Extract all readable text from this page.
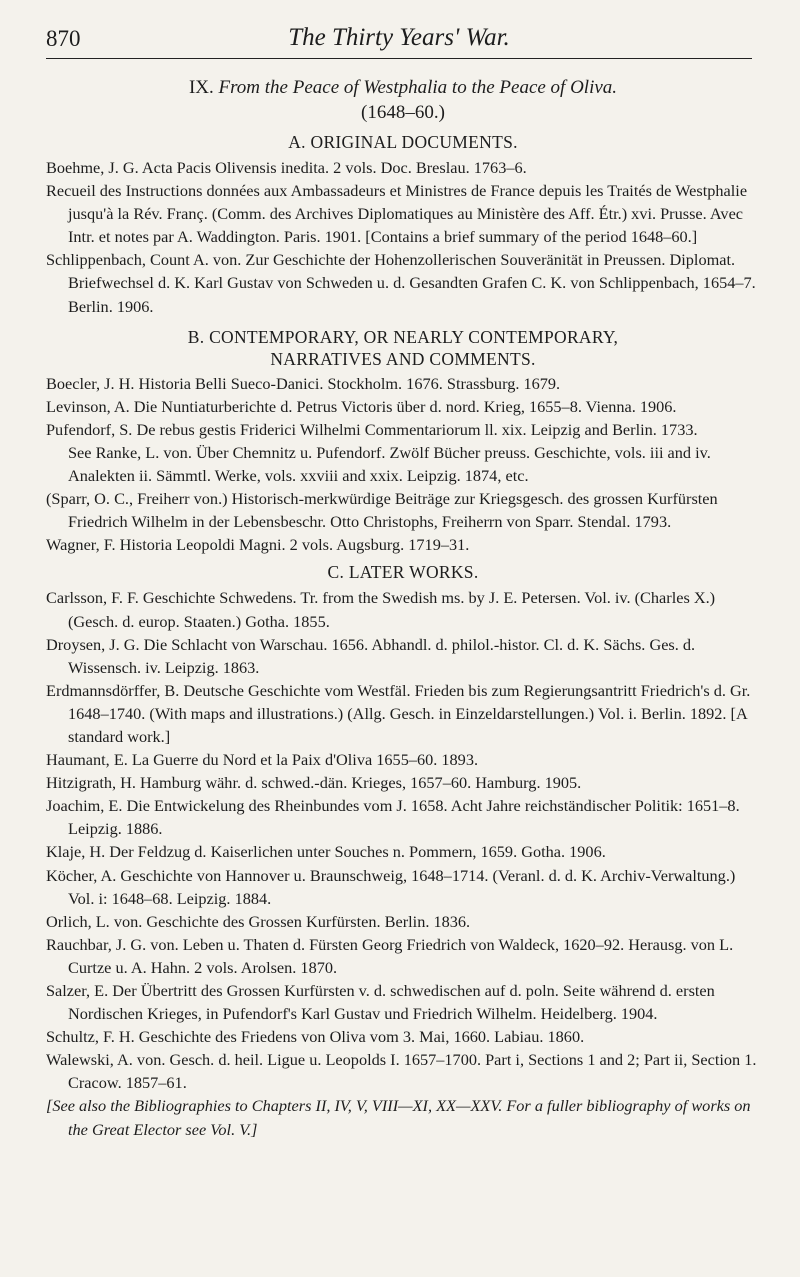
870	The Thirty Years' War.
IX. From the Peace of Westphalia to the Peace of Oliva.
(1648–60.)
A. ORIGINAL DOCUMENTS.
Boehme, J. G. Acta Pacis Olivensis inedita. 2 vols. Doc. Breslau. 1763–6.
Recueil des Instructions données aux Ambassadeurs et Ministres de France depuis les Traités de Westphalie jusqu'à la Rév. Franç. (Comm. des Archives Diplomatiques au Ministère des Aff. Étr.) xvi. Prusse. Avec Intr. et notes par A. Waddington. Paris. 1901. [Contains a brief summary of the period 1648–60.]
Schlippenbach, Count A. von. Zur Geschichte der Hohenzollerischen Souveränität in Preussen. Diplomat. Briefwechsel d. K. Karl Gustav von Schweden u. d. Gesandten Grafen C. K. von Schlippenbach, 1654–7. Berlin. 1906.
B. CONTEMPORARY, OR NEARLY CONTEMPORARY,
NARRATIVES AND COMMENTS.
Boecler, J. H. Historia Belli Sueco-Danici. Stockholm. 1676. Strassburg. 1679.
Levinson, A. Die Nuntiaturberichte d. Petrus Victoris über d. nord. Krieg, 1655–8. Vienna. 1906.
Pufendorf, S. De rebus gestis Friderici Wilhelmi Commentariorum ll. xix. Leipzig and Berlin. 1733.
See Ranke, L. von. Über Chemnitz u. Pufendorf. Zwölf Bücher preuss. Geschichte, vols. iii and iv. Analekten ii. Sämmtl. Werke, vols. xxviii and xxix. Leipzig. 1874, etc.
(Sparr, O. C., Freiherr von.) Historisch-merkwürdige Beiträge zur Kriegsgesch. des grossen Kurfürsten Friedrich Wilhelm in der Lebensbeschr. Otto Christophs, Freiherrn von Sparr. Stendal. 1793.
Wagner, F. Historia Leopoldi Magni. 2 vols. Augsburg. 1719–31.
C. LATER WORKS.
Carlsson, F. F. Geschichte Schwedens. Tr. from the Swedish ms. by J. E. Petersen. Vol. iv. (Charles X.) (Gesch. d. europ. Staaten.) Gotha. 1855.
Droysen, J. G. Die Schlacht von Warschau. 1656. Abhandl. d. philol.-histor. Cl. d. K. Sächs. Ges. d. Wissensch. iv. Leipzig. 1863.
Erdmannsdörffer, B. Deutsche Geschichte vom Westfäl. Frieden bis zum Regierungsantritt Friedrich's d. Gr. 1648–1740. (With maps and illustrations.) (Allg. Gesch. in Einzeldarstellungen.) Vol. i. Berlin. 1892. [A standard work.]
Haumant, E. La Guerre du Nord et la Paix d'Oliva 1655–60. 1893.
Hitzigrath, H. Hamburg währ. d. schwed.-dän. Krieges, 1657–60. Hamburg. 1905.
Joachim, E. Die Entwickelung des Rheinbundes vom J. 1658. Acht Jahre reichständischer Politik: 1651–8. Leipzig. 1886.
Klaje, H. Der Feldzug d. Kaiserlichen unter Souches n. Pommern, 1659. Gotha. 1906.
Köcher, A. Geschichte von Hannover u. Braunschweig, 1648–1714. (Veranl. d. d. K. Archiv-Verwaltung.) Vol. i: 1648–68. Leipzig. 1884.
Orlich, L. von. Geschichte des Grossen Kurfürsten. Berlin. 1836.
Rauchbar, J. G. von. Leben u. Thaten d. Fürsten Georg Friedrich von Waldeck, 1620–92. Herausg. von L. Curtze u. A. Hahn. 2 vols. Arolsen. 1870.
Salzer, E. Der Übertritt des Grossen Kurfürsten v. d. schwedischen auf d. poln. Seite während d. ersten Nordischen Krieges, in Pufendorf's Karl Gustav und Friedrich Wilhelm. Heidelberg. 1904.
Schultz, F. H. Geschichte des Friedens von Oliva vom 3. Mai, 1660. Labiau. 1860.
Walewski, A. von. Gesch. d. heil. Ligue u. Leopolds I. 1657–1700. Part i, Sections 1 and 2; Part ii, Section 1. Cracow. 1857–61.
[See also the Bibliographies to Chapters II, IV, V, VIII—XI, XX—XXV. For a fuller bibliography of works on the Great Elector see Vol. V.]
